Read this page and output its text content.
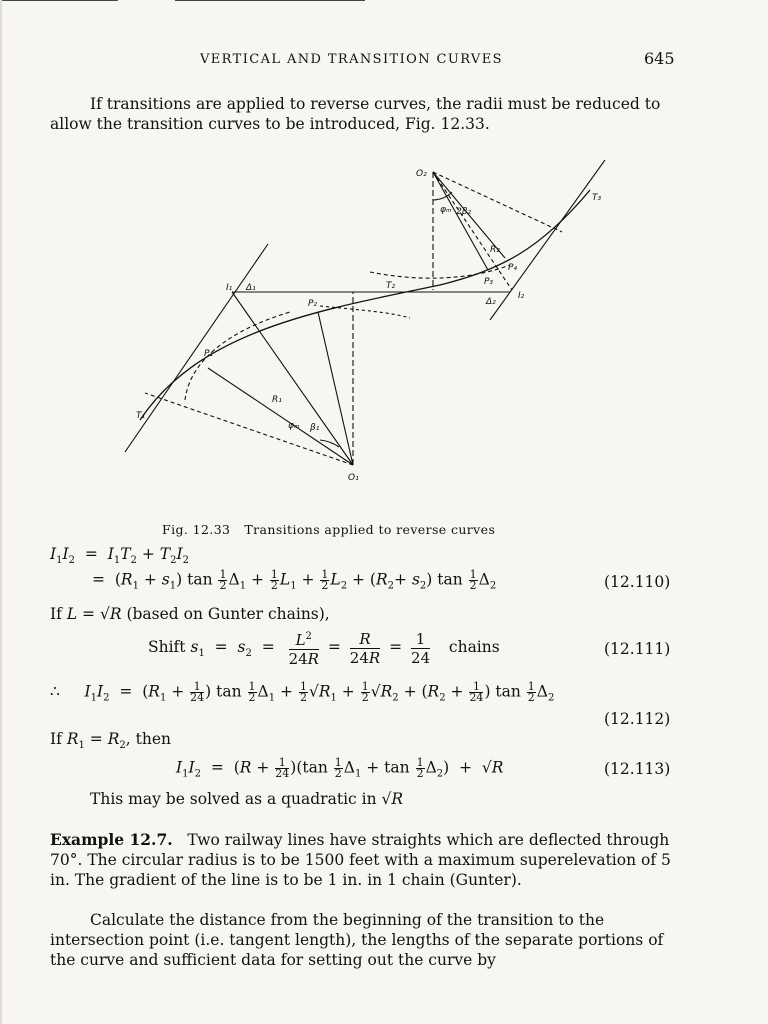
VERTICAL AND TRANSITION CURVES	645
If transitions are applied to reverse curves, the radii must be reduced to allow the transition curves to be introduced, Fig. 12.33.
O₂
T₃
2β₂
φₘ
R₂
P₄
P₃
I₂
Δ₂
I₁ Δ₁	T₂
P₂
P₁
R₁
T₁
φₘ β₁
O₁
Fig. 12.33 Transitions applied to reverse curves
$I_1I_2 = I_1T_2 + T_2I_2$
=  $(R_1 + s_1)$ $\tan \frac{1}{2} \Delta_1 + \frac{1}{2} L_1 + \frac{1}{2} L_2 + (R_2+ s_2)$ $\tan \frac{1}{2} \Delta_2$	(12.110)
If L = √R (based on Gunter chains),
Shift $s_1 = s_2 = \frac{L^2}{24R} = \frac{R}{24R} = \frac{1}{24}$ chains	(12.111)
∴ $I_1I_2 = (R_1 + \frac{1}{24}$ ) $\tan \frac{1}{2} \Delta_1 + \frac{1}{2} √R_1 + \frac{1}{2} √R_2 + (R_2 + \frac{1}{24}$ ) $\tan \frac{1}{2} \Delta_2$
(12.112)
If $R_1 = R_2$, then
$I_1I_2 = (R + \frac{1}{24} )(\tan \frac{1}{2} \Delta_1 + \tan \frac{1}{2} \Delta_2) + √R$	(12.113)
This may be solved as a quadratic in √R
Example 12.7. Two railway lines have straights which are deflected through 70°. The circular radius is to be 1500 feet with a maximum superelevation of 5 in. The gradient of the line is to be 1 in. in 1 chain (Gunter).
Calculate the distance from the beginning of the transition to the intersection point (i.e. tangent length), the lengths of the separate portions of the curve and sufficient data for setting out the curve by
